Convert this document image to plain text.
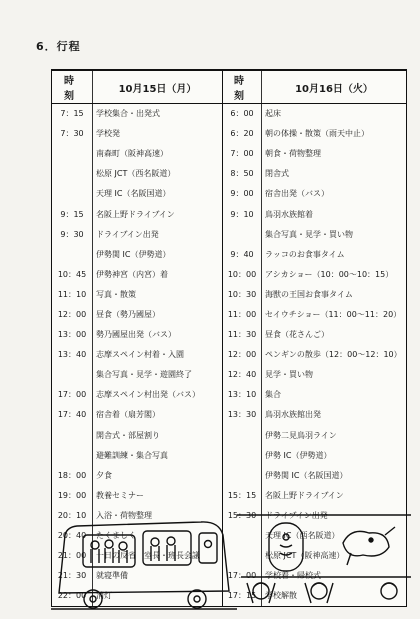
6．行程
時　刻	10月15日（月）	時　刻	10月16日（火）
7：15	学校集合・出発式	6：00	起床
7：30	学校発	6：20	朝の体操・散策（雨天中止）
	南森町（阪神高速）	7：00	朝食・荷物整理
	松原 JCT（西名阪道）	8：50	閉舎式
	天理 IC（名阪国道）	9：00	宿舎出発（バス）
9：15	名阪上野ドライブイン	9：10	鳥羽水族館着
9：30	ドライブイン出発		集合写真・見学・買い物
	伊勢関 IC（伊勢道）	9：40	ラッコのお食事タイム
10：45	伊勢神宮（内宮）着	10：00	アシカショー（10：00～10：15）
11：10	写真・散策	10：30	海獣の王国お食事タイム
12：00	昼食（勢乃國屋）	11：00	セイウチショー（11：00～11：20）
13：00	勢乃國屋出発（バス）	11：30	昼食（花さんご）
13：40	志摩スペイン村着・入園	12：00	ペンギンの散歩（12：00～12：10）
	集合写真・見学・遊園終了	12：40	見学・買い物
17：00	志摩スペイン村出発（バス）	13：10	集合
17：40	宿舎着（扇芳閣）	13：30	鳥羽水族館出発
	開舎式・部屋割り		伊勢二見鳥羽ライン
	避難訓練・集合写真		伊勢 IC（伊勢道）
18：00	夕食		伊勢関 IC（名阪国道）
19：00	教養セミナー	15：15	名阪上野ドライブイン
20：10	入浴・荷物整理	15：30	ドライブイン出発
20：40	たくましく		天理 IC（西名阪道）
21：00	一日の反省　室長・班長会議		松原 JCT（阪神高速）
21：30	就寝準備	17：00	学校着・帰校式
22：00	消灯	17：15	学校解散
